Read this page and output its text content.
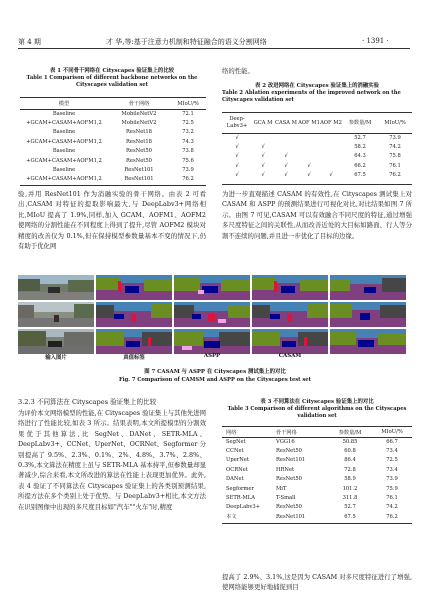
第 4 期	才 华,等:基于注意力机制和特征融合的语义分割网络	· 1391 ·
表 1 不同骨干网络在 Cityscapes 验证集上的比较
Table 1 Comparison of different backbone networks on the Cityscapes validation set
模型	骨干网络	MIoU/%
Baseline	MobileNetV2	72.1
+GCAM+CASAM+AOFM1,2	MobileNetV2	72.5
Baseline	ResNet18	73.2
+GCAM+CASAM+AOFM1,2	ResNet18	74.3
Baseline	ResNet50	73.8
+GCAM+CASAM+AOFM1,2	ResNet50	75.6
Baseline	ResNet101	73.9
+GCAM+CASAM+AOFM1,2	ResNet101	76.2
验,并用 ResNet101 作为消融实验的骨干网络。由表 2 可看出,CASAM 对特征的提取影响最大,与 DeepLabv3+网络相比,MIoU 提高了 1.9%,同样,加入 GCAM、AOFM1、AOFM2 使网络的分割性能在不同程度上得到了提升,尽管 AOFM2 模块对精度的改善仅为 0.1%,但在保持模型参数量基本不变的情况下,仍有助于优化网
络的性能。
表 2 改进网络在 Cityscapes 验证集上的消融实验
Table 2 Ablation experiments of the improved network on the Cityscapes validation set
Deep-Labv3+	GCA M	CASA M	AOF M1	AOF M2	参数量/M	MIoU/%
√					52.7	73.9
√	√				58.2	74.2
√	√	√			64.3	75.8
√	√	√	√		66.2	76.1
√	√	√	√	√	67.5	76.2
为进一步直观描述 CASAM 的有效性,在 Cityscapes 测试集上对 CASAM 和 ASPP 的预测结果进行可视化对比,对比结果如图 7 所示。由图 7 可见,CASAM 可以有效融合不同尺度的特征,通过增强多尺度特征之间的关联性,从而改善近处的大目标如路面、行人等分割不连续的问题,并且进一步优化了目标的边缘。
输入图片	真值标签	ASPP	CASAM
图 7 CASAM 与 ASPP 在 Cityscapes 测试集上的对比
Fig. 7 Comparison of CAMSM and ASPP on the Cityscapes test set
3.2.3 不同算法在 Cityscapes 验证集上的比较
为评价本文网络模型的性能,在 Cityscapes 验证集上与其他先进网络进行了性能比较,如表 3 所示。结果表明,本文所提模型的分割效果优于其他算法,比 SegNet、DANet、SETR-MLA、DeepLabv3+、CCNet、UperNet、OCRNet、Segformer 分别提高了 9.5%、2.3%、0.1%、2%、4.8%、3.7%、2.8%、0.3%,本文算法在精度上虽与 SETR-MLA 基本持平,但参数量却显著减少,综合来看,本文所改进的算法在性能上表现更加优异。此外,表 4 验证了不同算法在 Cityscapes 验证集上的各类别预测结果,所提方法在多个类别上处于优势。与 DeepLabv3+相比,本文方法在识别图像中出现的多尺度目标如"汽车""火车"时,精度
表 3 不同算法在 Cityscapes 验证集上的对比
Table 3 Comparison of different algorithms on the Cityscapes validation set
网络	骨干网络	参数量/M	MIoU/%
SegNet	VGG16	50.85	66.7
CCNet	ResNet50	60.8	73.4
UperNet	ResNet101	86.4	72.5
OCRNet	HRNet	72.8	73.4
DANet	ResNet50	58.9	73.9
Segformer	MiT	101.2	75.9
SETR-MLA	T-Small	311.8	76.1
DeepLabv3+	ResNet50	52.7	74.2
本文	ResNet101	67.5	76.2
提高了 2.9%、3.1%,这是因为 CASAM 对多尺度特征进行了增强,使网络能够更好地捕捉到目
